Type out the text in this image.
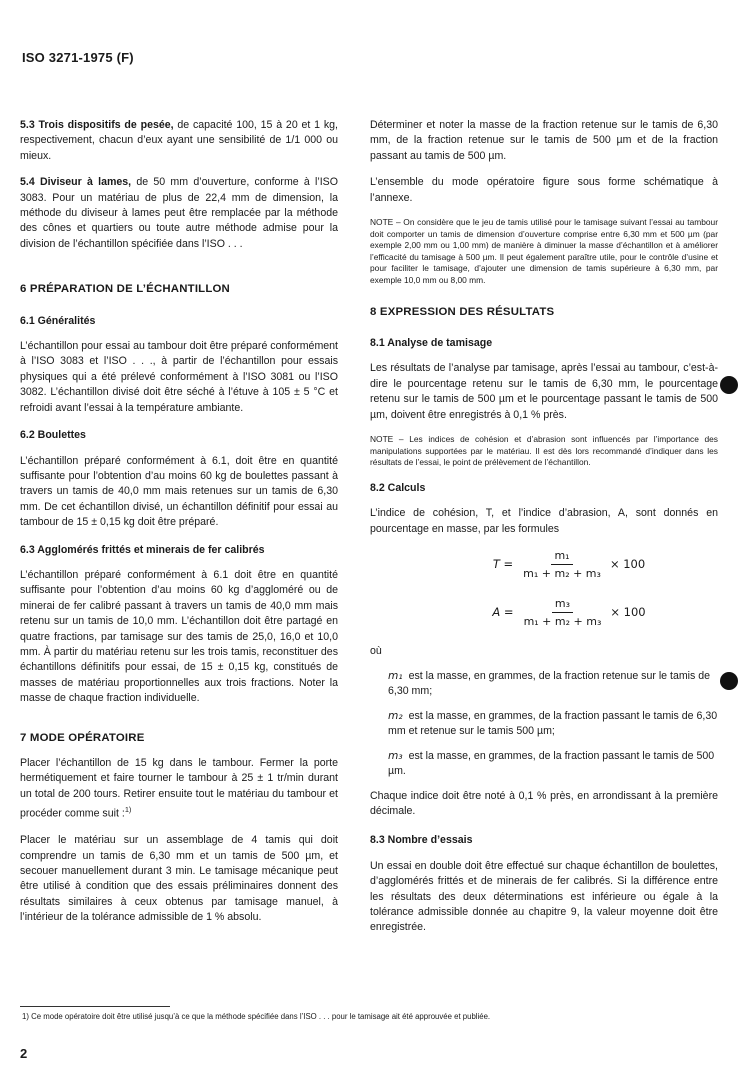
ISO 3271-1975 (F)

5.3 Trois dispositifs de pesée, de capacité 100, 15 à 20 et 1 kg, respectivement, chacun d’eux ayant une sensibilité de 1/1 000 ou mieux.

5.4 Diviseur à lames, de 50 mm d’ouverture, conforme à l’ISO 3083. Pour un matériau de plus de 22,4 mm de dimension, la méthode du diviseur à lames peut être remplacée par la méthode des cônes et quartiers ou toute autre méthode admise pour la division de l’échantillon spécifiée dans l’ISO . . .

6 PRÉPARATION DE L’ÉCHANTILLON
6.1 Généralités

L’échantillon pour essai au tambour doit être préparé conformément à l’ISO 3083 et l’ISO . . ., à partir de l’échantillon pour essais physiques qui a été prélevé conformément à l’ISO 3081 ou l’ISO 3082. L’échantillon divisé doit être séché à l’étuve à 105 ± 5 °C et refroidi avant l’essai à la température ambiante.

6.2 Boulettes

L’échantillon préparé conformément à 6.1, doit être en quantité suffisante pour l’obtention d’au moins 60 kg de boulettes passant à travers un tamis de 40,0 mm mais retenues sur un tamis de 6,30 mm. De cet échantillon divisé, un échantillon définitif pour essai au tambour de 15 ± 0,15 kg doit être préparé.

6.3 Agglomérés frittés et minerais de fer calibrés

L’échantillon préparé conformément à 6.1 doit être en quantité suffisante pour l’obtention d’au moins 60 kg d’aggloméré ou de minerai de fer calibré passant à travers un tamis de 40,0 mm mais retenu sur un tamis de 10,0 mm. L’échantillon doit être partagé en quatre fractions, par tamisage sur des tamis de 25,0, 16,0 et 10,0 mm. À partir du matériau retenu sur les trois tamis, reconstituer des échantillons définitifs pour essai, de 15 ± 0,15 kg, constitués de masses de matériau proportionnelles aux trois fractions. Noter la masse de chaque fraction individuelle.

7 MODE OPÉRATOIRE

Placer l’échantillon de 15 kg dans le tambour. Fermer la porte hermétiquement et faire tourner le tambour à 25 ± 1 tr/min durant un total de 200 tours. Retirer ensuite tout le matériau du tambour et procéder comme suit :$^{1)}$

Placer le matériau sur un assemblage de 4 tamis qui doit comprendre un tamis de 6,30 mm et un tamis de 500 µm, et secouer manuellement durant 3 min. Le tamisage mécanique peut être utilisé à condition que des essais préliminaires donnent des résultats similaires à ceux obtenus par tamisage manuel, à l’intérieur de la tolérance admissible de 1 % absolu.

Déterminer et noter la masse de la fraction retenue sur le tamis de 6,30 mm, de la fraction retenue sur le tamis de 500 µm et de la fraction passant au tamis de 500 µm.

L’ensemble du mode opératoire figure sous forme schématique à l’annexe.

NOTE – On considère que le jeu de tamis utilisé pour le tamisage suivant l’essai au tambour doit comporter un tamis de dimension d’ouverture comprise entre 6,30 mm et 500 µm (par exemple 2,00 mm ou 1,00 mm) de manière à diminuer la masse d’échantillon et à améliorer l’efficacité du tamisage à 500 µm. Il peut également paraître utile, pour le contrôle d’usine et pour faciliter le tamisage, d’ajouter une dimension de tamis supérieure à 6,30 mm, par exemple 10,0 mm ou 8,00 mm.

8 EXPRESSION DES RÉSULTATS
8.1 Analyse de tamisage

Les résultats de l’analyse par tamisage, après l’essai au tambour, c’est-à-dire le pourcentage retenu sur le tamis de 6,30 mm, le pourcentage retenu sur le tamis de 500 µm et le pourcentage passant le tamis de 500 µm, doivent être enregistrés à 0,1 % près.

NOTE – Les indices de cohésion et d’abrasion sont influencés par l’importance des manipulations supportées par le matériau. Il est dès lors recommandé d’indiquer dans les résultats de l’essai, le point de prélèvement de l’échantillon.

8.2 Calculs

L’indice de cohésion, T, et l’indice d’abrasion, A, sont donnés en pourcentage en masse, par les formules

$T = \frac{\text{m₁}}{\text{m₁ + m₂ + m₃}} \times 100$
$A = \frac{\text{m₃}}{\text{m₁ + m₂ + m₃}} \times 100$
où

m₁ est la masse, en grammes, de la fraction retenue sur le tamis de 6,30 mm;

m₂ est la masse, en grammes, de la fraction passant le tamis de 6,30 mm et retenue sur le tamis 500 µm;

m₃ est la masse, en grammes, de la fraction passant le tamis de 500 µm.

Chaque indice doit être noté à 0,1 % près, en arrondissant à la première décimale.

8.3 Nombre d’essais

Un essai en double doit être effectué sur chaque échantillon de boulettes, d’agglomérés frittés et de minerais de fer calibrés. Si la différence entre les résultats des deux déterminations est inférieure ou égale à la tolérance admissible donnée au chapitre 9, la valeur moyenne doit être enregistrée.

1) Ce mode opératoire doit être utilisé jusqu’à ce que la méthode spécifiée dans l’ISO . . . pour le tamisage ait été approuvée et publiée.
2
